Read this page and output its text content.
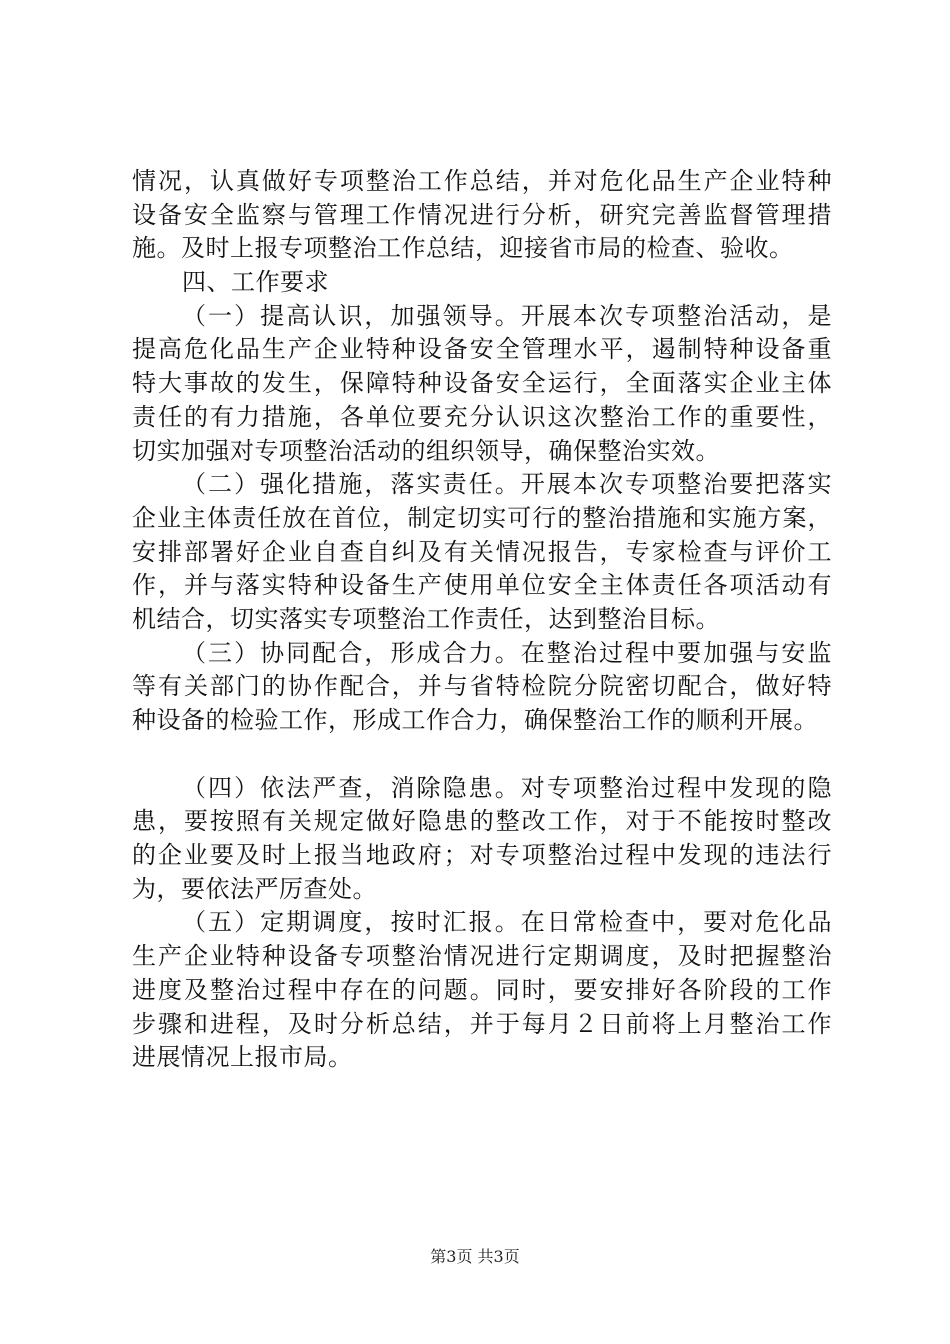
情况，认真做好专项整治工作总结，并对危化品生产企业特种
设备安全监察与管理工作情况进行分析，研究完善监督管理措
施。及时上报专项整治工作总结，迎接省市局的检查、验收。
四、工作要求
（一）提高认识，加强领导。开展本次专项整治活动，是
提高危化品生产企业特种设备安全管理水平，遏制特种设备重
特大事故的发生，保障特种设备安全运行，全面落实企业主体
责任的有力措施，各单位要充分认识这次整治工作的重要性，
切实加强对专项整治活动的组织领导，确保整治实效。
（二）强化措施，落实责任。开展本次专项整治要把落实
企业主体责任放在首位，制定切实可行的整治措施和实施方案，
安排部署好企业自查自纠及有关情况报告，专家检查与评价工
作，并与落实特种设备生产使用单位安全主体责任各项活动有
机结合，切实落实专项整治工作责任，达到整治目标。
（三）协同配合，形成合力。在整治过程中要加强与安监
等有关部门的协作配合，并与省特检院分院密切配合，做好特
种设备的检验工作，形成工作合力，确保整治工作的顺利开展。
（四）依法严查，消除隐患。对专项整治过程中发现的隐
患，要按照有关规定做好隐患的整改工作，对于不能按时整改
的企业要及时上报当地政府；对专项整治过程中发现的违法行
为，要依法严厉查处。
（五）定期调度，按时汇报。在日常检查中，要对危化品
生产企业特种设备专项整治情况进行定期调度，及时把握整治
进度及整治过程中存在的问题。同时，要安排好各阶段的工作
步骤和进程，及时分析总结，并于每月２日前将上月整治工作
进展情况上报市局。
第3页 共3页
